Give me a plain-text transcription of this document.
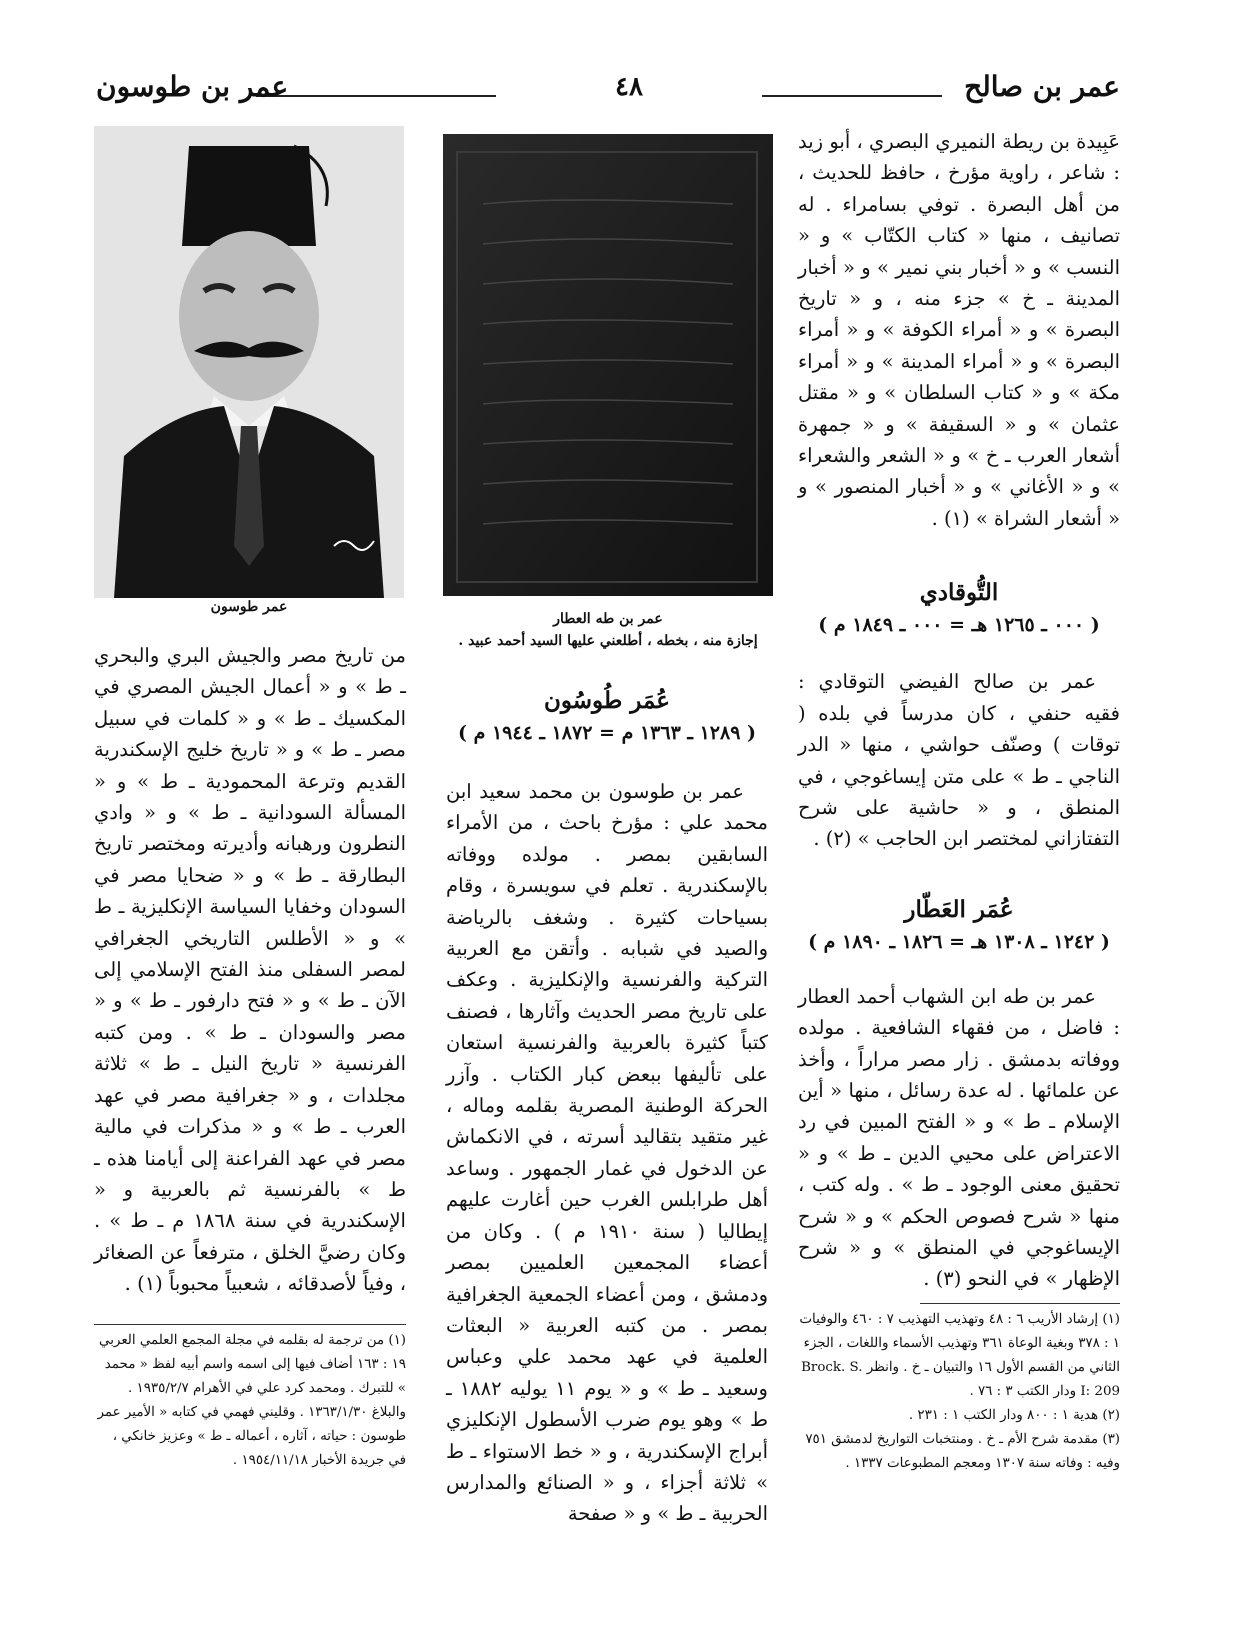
عمر بن صالح
٤٨
عمر بن طوسون

عَبِيدة بن ريطة النميري البصري ، أبو زيد : شاعر ، راوية مؤرخ ، حافظ للحديث ، من أهل البصرة . توفي بسامراء . له تصانيف ، منها « كتاب الكتّاب » و « النسب » و « أخبار بني نمير » و « أخبار المدينة ـ خ » جزء منه ، و « تاريخ البصرة » و « أمراء الكوفة » و « أمراء البصرة » و « أمراء المدينة » و « أمراء مكة » و « كتاب السلطان » و « مقتل عثمان » و « السقيفة » و « جمهرة أشعار العرب ـ خ » و « الشعر والشعراء » و « الأغاني » و « أخبار المنصور » و « أشعار الشراة » (١) .

التُّوقادي

( ٠٠٠ ـ ١٢٦٥ هـ = ٠٠٠ ـ ١٨٤٩ م )

عمر بن صالح الفيضي التوقادي : فقيه حنفي ، كان مدرساً في بلده ( توقات ) وصنّف حواشي ، منها « الدر الناجي ـ ط » على متن إيساغوجي ، في المنطق ، و « حاشية على شرح التفتازاني لمختصر ابن الحاجب » (٢) .

عُمَر العَطّار

( ١٢٤٢ ـ ١٣٠٨ هـ = ١٨٢٦ ـ ١٨٩٠ م )

عمر بن طه ابن الشهاب أحمد العطار : فاضل ، من فقهاء الشافعية . مولده ووفاته بدمشق . زار مصر مراراً ، وأخذ عن علمائها . له عدة رسائل ، منها « أين الإسلام ـ ط » و « الفتح المبين في رد الاعتراض على محيي الدين ـ ط » و « تحقيق معنى الوجود ـ ط » . وله كتب ، منها « شرح فصوص الحكم » و « شرح الإيساغوجي في المنطق » و « شرح الإظهار » في النحو (٣) .

(١) إرشاد الأريب ٦ : ٤٨ وتهذيب التهذيب ٧ : ٤٦٠ والوفيات ١ : ٣٧٨ وبغية الوعاة ٣٦١ وتهذيب الأسماء واللغات ، الجزء الثاني من القسم الأول ١٦ والتبيان ـ خ . وانظر Brock. S. I: 209 ودار الكتب ٣ : ٧٦ .

(٢) هدية ١ : ٨٠٠ ودار الكتب ١ : ٢٣١ .

(٣) مقدمة شرح الأم ـ خ . ومنتخبات التواريخ لدمشق ٧٥١ وفيه : وفاته سنة ١٣٠٧ ومعجم المطبوعات ١٣٣٧ .

عمر بن طه العطار
إجازة منه ، بخطه ، أطلعني عليها السيد أحمد عبيد .

عُمَر طُوسُون

( ١٢٨٩ ـ ١٣٦٣ م = ١٨٧٢ ـ ١٩٤٤ م )

عمر بن طوسون بن محمد سعيد ابن محمد علي : مؤرخ باحث ، من الأمراء السابقين بمصر . مولده ووفاته بالإسكندرية . تعلم في سويسرة ، وقام بسياحات كثيرة . وشغف بالرياضة والصيد في شبابه . وأتقن مع العربية التركية والفرنسية والإنكليزية . وعكف على تاريخ مصر الحديث وآثارها ، فصنف كتباً كثيرة بالعربية والفرنسية استعان على تأليفها ببعض كبار الكتاب . وآزر الحركة الوطنية المصرية بقلمه وماله ، غير متقيد بتقاليد أسرته ، في الانكماش عن الدخول في غمار الجمهور . وساعد أهل طرابلس الغرب حين أغارت عليهم إيطاليا ( سنة ١٩١٠ م ) . وكان من أعضاء المجمعين العلميين بمصر ودمشق ، ومن أعضاء الجمعية الجغرافية بمصر . من كتبه العربية « البعثات العلمية في عهد محمد علي وعباس وسعيد ـ ط » و « يوم ١١ يوليه ١٨٨٢ ـ ط » وهو يوم ضرب الأسطول الإنكليزي أبراج الإسكندرية ، و « خط الاستواء ـ ط » ثلاثة أجزاء ، و « الصنائع والمدارس الحربية ـ ط » و « صفحة

عمر طوسون

من تاريخ مصر والجيش البري والبحري ـ ط » و « أعمال الجيش المصري في المكسيك ـ ط » و « كلمات في سبيل مصر ـ ط » و « تاريخ خليج الإسكندرية القديم وترعة المحمودية ـ ط » و « المسألة السودانية ـ ط » و « وادي النطرون ورهبانه وأديرته ومختصر تاريخ البطارقة ـ ط » و « ضحايا مصر في السودان وخفايا السياسة الإنكليزية ـ ط » و « الأطلس التاريخي الجغرافي لمصر السفلى منذ الفتح الإسلامي إلى الآن ـ ط » و « فتح دارفور ـ ط » و « مصر والسودان ـ ط » . ومن كتبه الفرنسية « تاريخ النيل ـ ط » ثلاثة مجلدات ، و « جغرافية مصر في عهد العرب ـ ط » و « مذكرات في مالية مصر في عهد الفراعنة إلى أيامنا هذه ـ ط » بالفرنسية ثم بالعربية و « الإسكندرية في سنة ١٨٦٨ م ـ ط » . وكان رضيَّ الخلق ، مترفعاً عن الصغائر ، وفياً لأصدقائه ، شعبياً محبوباً (١) .

(١) من ترجمة له بقلمه في مجلة المجمع العلمي العربي ١٩ : ١٦٣ أضاف فيها إلى اسمه واسم أبيه لفظ « محمد » للتبرك . ومحمد كرد علي في الأهرام ١٩٣٥/٢/٧ . والبلاغ ١٣٦٣/١/٣٠ . وقليني فهمي في كتابه « الأمير عمر طوسون : حياته ، آثاره ، أعماله ـ ط » وعزيز خانكي ، في جريدة الأخبار ١٩٥٤/١١/١٨ .
